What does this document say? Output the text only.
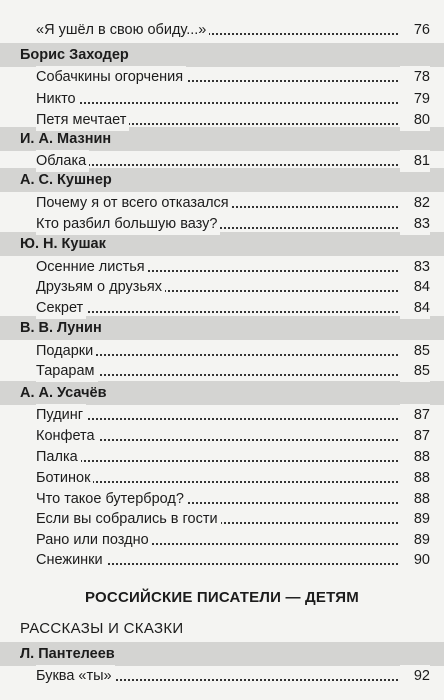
«Я ушёл в свою обиду...»	76
Борис Заходер
Собачкины огорчения	78
Никто	79
Петя мечтает	80
И. А. Мазнин
Облака	81
А. С. Кушнер
Почему я от всего отказался	82
Кто разбил большую вазу?	83
Ю. Н. Кушак
Осенние листья	83
Друзьям о друзьях	84
Секрет	84
В. В. Лунин
Подарки	85
Тарарам	85
А. А. Усачёв
Пудинг	87
Конфета	87
Палка	88
Ботинок	88
Что такое бутерброд?	88
Если вы собрались в гости	89
Рано или поздно	89
Снежинки	90
РОССИЙСКИЕ ПИСАТЕЛИ — ДЕТЯМ
РАССКАЗЫ И СКАЗКИ
Л. Пантелеев
Буква «ты»	92
